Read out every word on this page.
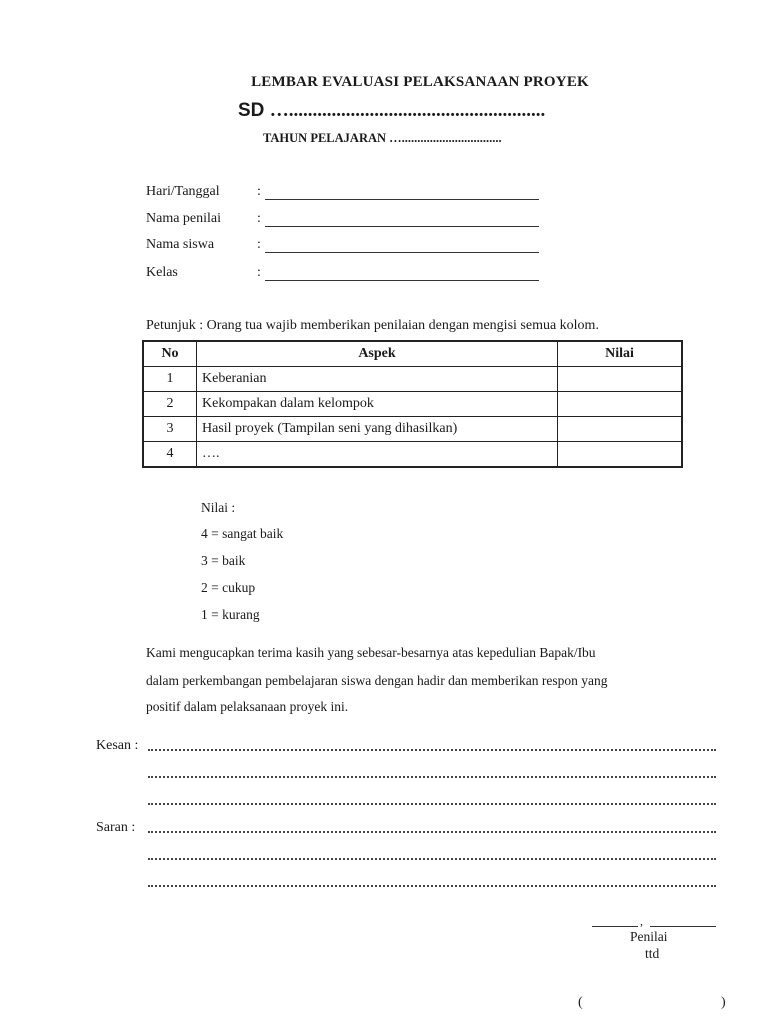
LEMBAR EVALUASI PELAKSANAAN PROYEK
SD …......................................................
TAHUN PELAJARAN …................................
Hari/Tanggal	:
Nama penilai	:
Nama siswa	:
Kelas	:
Petunjuk : Orang tua wajib memberikan penilaian dengan mengisi semua kolom.
No	Aspek	Nilai
1	Keberanian	
2	Kekompakan dalam kelompok	
3	Hasil proyek (Tampilan seni yang dihasilkan)	
4	….	
Nilai :
4 = sangat baik
3 = baik
2 = cukup
1 = kurang
Kami mengucapkan terima kasih yang sebesar-besarnya atas kepedulian Bapak/Ibu
dalam perkembangan pembelajaran siswa dengan hadir dan memberikan respon yang
positif dalam pelaksanaan proyek ini.
Kesan :
Saran :
,
Penilai
ttd
(	)
